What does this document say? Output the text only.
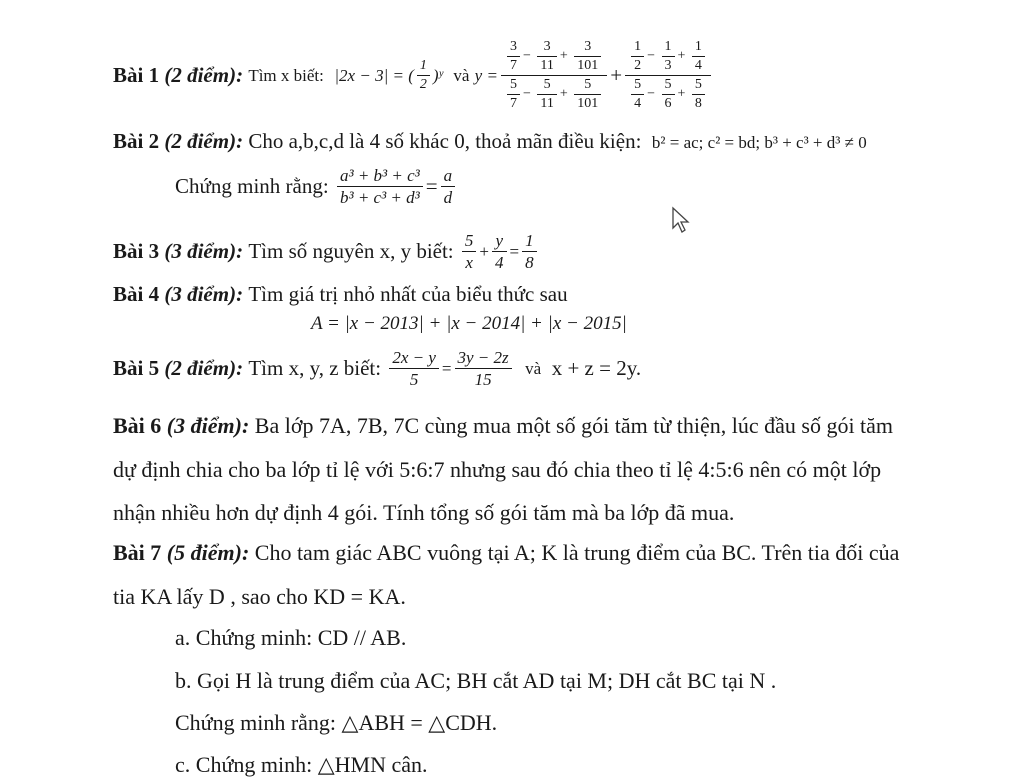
Bài 1
(2 điểm):
Tìm x biết:
|2x − 3| = ( $\frac{1}{2}$ )ʸ
và
$y = \frac{\frac{3}{7} - \frac{3}{11} + \frac{3}{101}}{\frac{5}{7} - \frac{5}{11} + \frac{5}{101}} + \frac{\frac{1}{2} - \frac{1}{3} + \frac{1}{4}}{\frac{5}{4} - \frac{5}{6} + \frac{5}{8}}$
Bài 2 (2 điểm): Cho a,b,c,d là 4 số khác 0, thoả mãn điều kiện: b² = ac; c² = bd; b³ + c³ + d³ ≠ 0
Chứng minh rằng:
$\frac{\text{a³ + b³ + c³}}{\text{b³ + c³ + d³}} = \frac{a}{d}$
Bài 3
(3 điểm):
Tìm số nguyên x, y biết:
$\frac{5}{x} + \frac{y}{4} = \frac{1}{8}$
Bài 4 (3 điểm): Tìm giá trị nhỏ nhất của biểu thức sau
A = |x − 2013| + |x − 2014| + |x − 2015|
Bài 5
(2 điểm):
Tìm x, y, z biết:
$\frac{2x - y}{5} = \frac{3y - 2z}{15}$
và
x + z = 2y.
Bài 6 (3 điểm): Ba lớp 7A, 7B, 7C cùng mua một số gói tăm từ thiện, lúc đầu số gói tăm
dự định chia cho ba lớp tỉ lệ với 5:6:7 nhưng sau đó chia theo tỉ lệ 4:5:6 nên có một lớp
nhận nhiều hơn dự định 4 gói. Tính tổng số gói tăm mà ba lớp đã mua.
Bài 7 (5 điểm): Cho tam giác ABC vuông tại A; K là trung điểm của BC. Trên tia đối của
tia KA lấy D , sao cho KD = KA.
a. Chứng minh: CD // AB.
b. Gọi H là trung điểm của AC; BH cắt AD tại M; DH cắt BC tại N .
Chứng minh rằng: △ABH = △CDH.
c. Chứng minh: △HMN cân.
